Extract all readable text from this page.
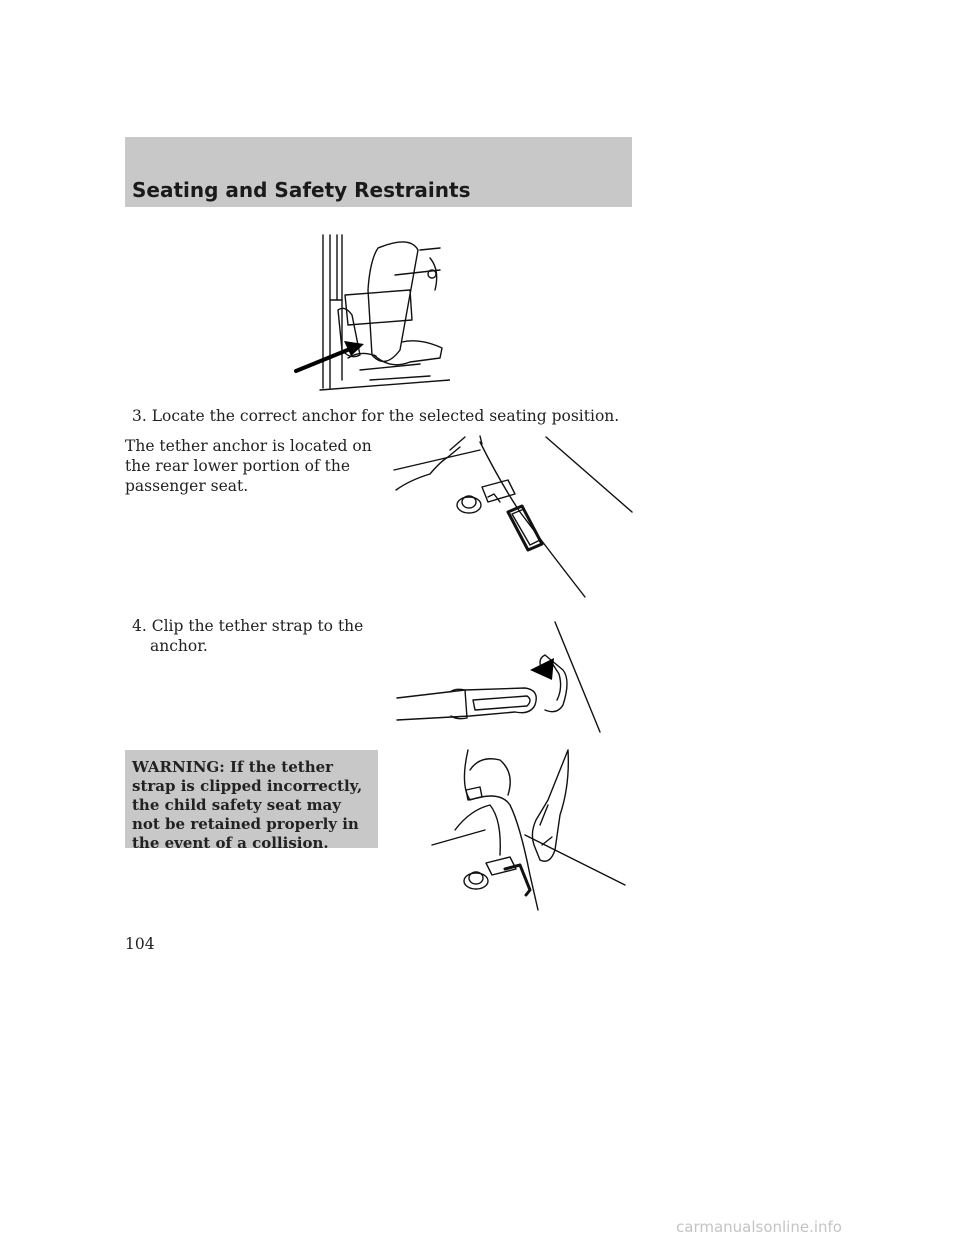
Seating and Safety Restraints

3. Locate the correct anchor for the selected seating position.

The tether anchor is located on the rear lower portion of the passenger seat.

4. Clip the tether strap to the anchor.

WARNING: If the tether strap is clipped incorrectly, the child safety seat may not be retained properly in the event of a collision.

104

carmanualsonline.info
